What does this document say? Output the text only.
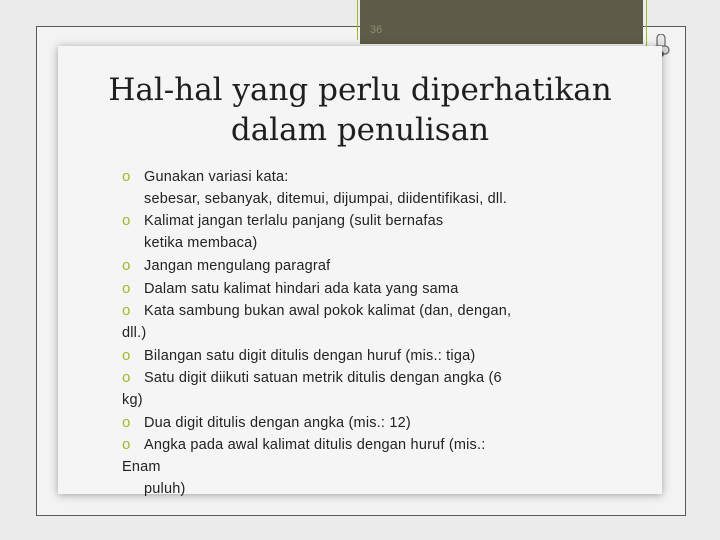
36
Hal-hal yang perlu diperhatikan
dalam penulisan
o Gunakan variasi kata:
sebesar, sebanyak, ditemui, dijumpai, diidentifikasi, dll.
o Kalimat jangan terlalu panjang (sulit bernafas
ketika membaca)
o Jangan mengulang paragraf
o Dalam satu kalimat hindari ada kata yang sama
o Kata sambung bukan awal pokok kalimat (dan, dengan,
dll.)
o Bilangan satu digit ditulis dengan huruf (mis.: tiga)
o Satu digit diikuti satuan metrik ditulis dengan angka (6
kg)
o Dua digit ditulis dengan angka (mis.: 12)
o Angka pada awal kalimat ditulis dengan huruf (mis.:
Enam
puluh)
